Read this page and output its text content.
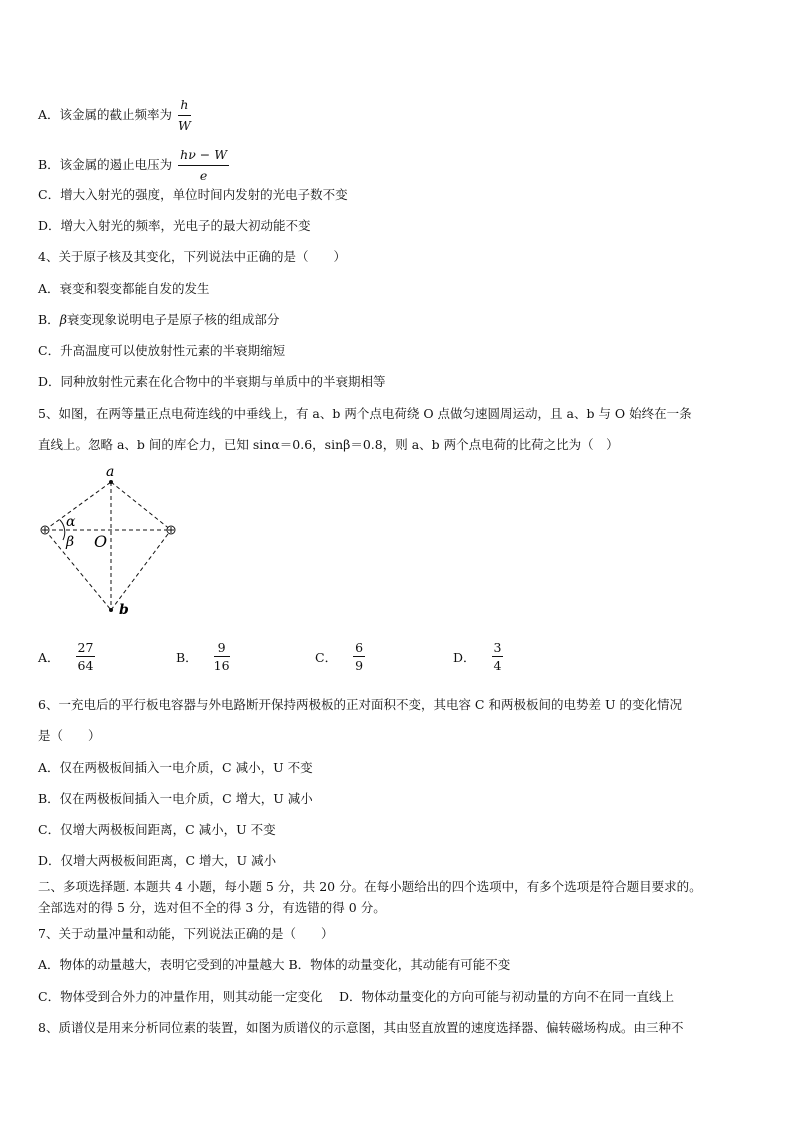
A．该金属的截止频率为 $\frac{h}{W}$
B．该金属的遏止电压为 $\frac{h\nu - W}{e}$
C．增大入射光的强度，单位时间内发射的光电子数不变
D．增大入射光的频率，光电子的最大初动能不变
4、关于原子核及其变化，下列说法中正确的是（　　）
A．衰变和裂变都能自发的发生
B．β衰变现象说明电子是原子核的组成部分
C．升高温度可以使放射性元素的半衰期缩短
D．同种放射性元素在化合物中的半衰期与单质中的半衰期相等
5、如图，在两等量正点电荷连线的中垂线上，有 a、b 两个点电荷绕 O 点做匀速圆周运动，且 a、b 与 O 始终在一条
直线上。忽略 a、b 间的库仑力，已知 sinα＝0.6，sinβ＝0.8，则 a、b 两个点电荷的比荷之比为（　）
a
b
O
α
β
A． $\frac{27}{64}$	B． $\frac{9}{16}$	C． $\frac{6}{9}$	D． $\frac{3}{4}$
6、一充电后的平行板电容器与外电路断开保持两极板的正对面积不变，其电容 C 和两极板间的电势差 U 的变化情况
是（　　）
A．仅在两极板间插入一电介质，C 减小，U 不变
B．仅在两极板间插入一电介质，C 增大，U 减小
C．仅增大两极板间距离，C 减小，U 不变
D．仅增大两极板间距离，C 增大，U 减小
二、多项选择题. 本题共 4 小题，每小题 5 分，共 20 分。在每小题给出的四个选项中，有多个选项是符合题目要求的。
全部选对的得 5 分，选对但不全的得 3 分，有选错的得 0 分。
7、关于动量冲量和动能，下列说法正确的是（　　）
A．物体的动量越大，表明它受到的冲量越大 B．物体的动量变化，其动能有可能不变
C．物体受到合外力的冲量作用，则其动能一定变化　 D．物体动量变化的方向可能与初动量的方向不在同一直线上
8、质谱仪是用来分析同位素的装置，如图为质谱仪的示意图，其由竖直放置的速度选择器、偏转磁场构成。由三种不
